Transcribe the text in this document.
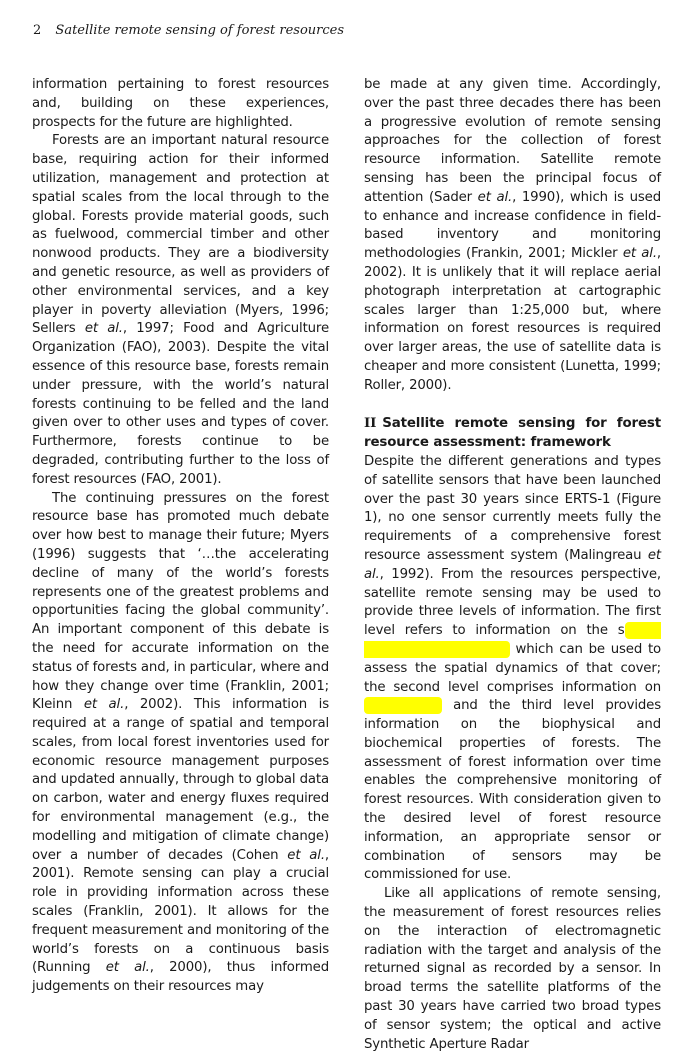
2 Satellite remote sensing of forest resources

information pertaining to forest resources and, building on these experiences, prospects for the future are highlighted.

Forests are an important natural resource base, requiring action for their informed utilization, management and protection at spatial scales from the local through to the global. Forests provide material goods, such as fuelwood, commercial timber and other nonwood products. They are a biodiversity and genetic resource, as well as providers of other environmental services, and a key player in poverty alleviation (Myers, 1996; Sellers et al., 1997; Food and Agriculture Organization (FAO), 2003). Despite the vital essence of this resource base, forests remain under pressure, with the world’s natural forests continuing to be felled and the land given over to other uses and types of cover. Furthermore, forests continue to be degraded, contributing further to the loss of forest resources (FAO, 2001).

The continuing pressures on the forest resource base has promoted much debate over how best to manage their future; Myers (1996) suggests that ‘…the accelerating decline of many of the world’s forests represents one of the greatest problems and opportunities facing the global community’. An important component of this debate is the need for accurate information on the status of forests and, in particular, where and how they change over time (Franklin, 2001; Kleinn et al., 2002). This information is required at a range of spatial and temporal scales, from local forest inventories used for economic resource management purposes and updated annually, through to global data on carbon, water and energy fluxes required for environmental management (e.g., the modelling and mitigation of climate change) over a number of decades (Cohen et al., 2001). Remote sensing can play a crucial role in providing information across these scales (Franklin, 2001). It allows for the frequent measurement and monitoring of the world’s forests on a continuous basis (Running et al., 2000), thus informed judgements on their resources may

be made at any given time. Accordingly, over the past three decades there has been a progressive evolution of remote sensing approaches for the collection of forest resource information. Satellite remote sensing has been the principal focus of attention (Sader et al., 1990), which is used to enhance and increase confidence in field-based inventory and monitoring methodologies (Frankin, 2001; Mickler et al., 2002). It is unlikely that it will replace aerial photograph interpretation at cartographic scales larger than 1:25,000 but, where information on forest resources is required over larger areas, the use of satellite data is cheaper and more consistent (Lunetta, 1999; Roller, 2000).

II Satellite remote sensing for forest resource assessment: framework

Despite the different generations and types of satellite sensors that have been launched over the past 30 years since ERTS-1 (Figure 1), no one sensor currently meets fully the requirements of a comprehensive forest resource assessment system (Malingreau et al., 1992). From the resources perspective, satellite remote sensing may be used to provide three levels of information. The first level refers to information on the spatial extent of forest cover which can be used to assess the spatial dynamics of that cover; the second level comprises information on forest type and the third level provides information on the biophysical and biochemical properties of forests. The assessment of forest information over time enables the comprehensive monitoring of forest resources. With consideration given to the desired level of forest resource information, an appropriate sensor or combination of sensors may be commissioned for use.

Like all applications of remote sensing, the measurement of forest resources relies on the interaction of electromagnetic radiation with the target and analysis of the returned signal as recorded by a sensor. In broad terms the satellite platforms of the past 30 years have carried two broad types of sensor system; the optical and active Synthetic Aperture Radar
